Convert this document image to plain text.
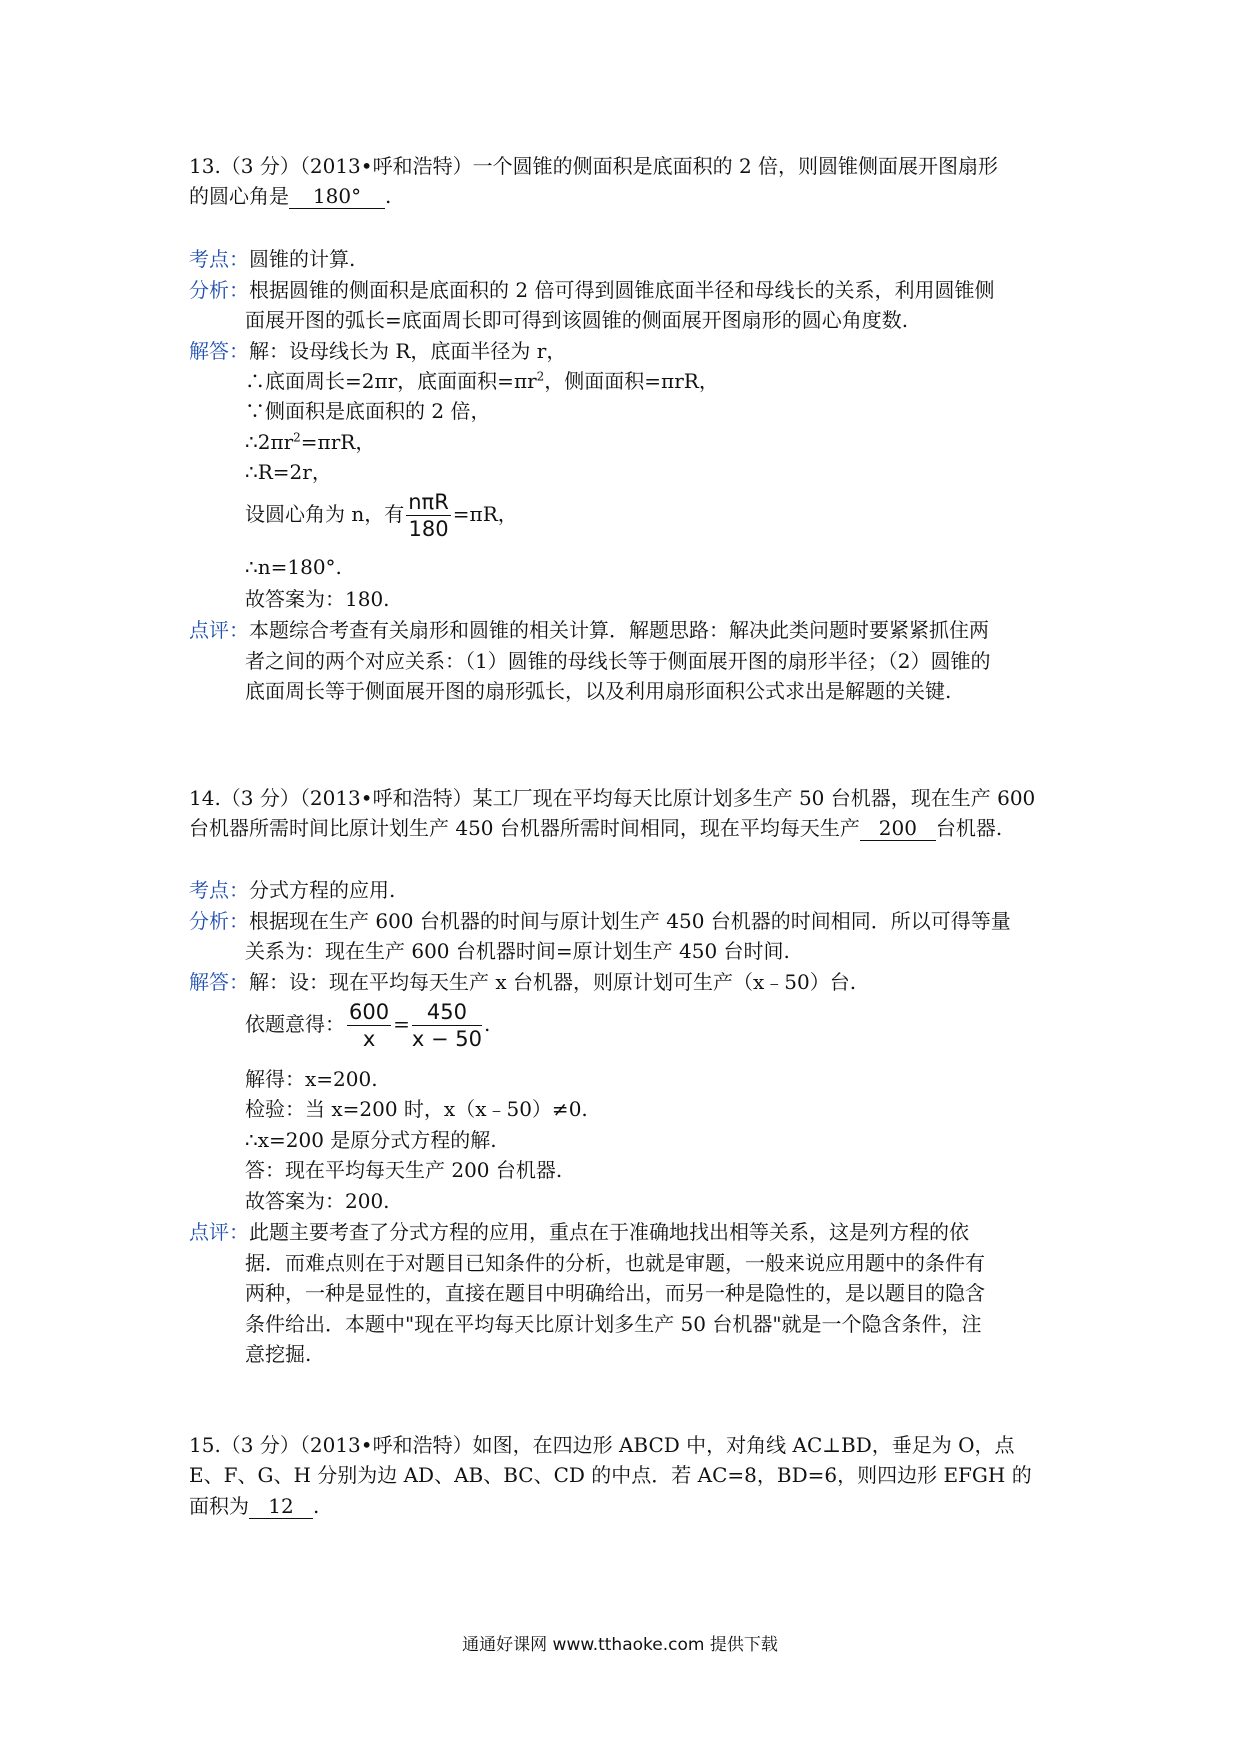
13.（3 分）（2013•呼和浩特）一个圆锥的侧面积是底面积的 2 倍，则圆锥侧面展开图扇形
的圆心角是 180° .
考点：圆锥的计算.
分析：根据圆锥的侧面积是底面积的 2 倍可得到圆锥底面半径和母线长的关系，利用圆锥侧
面展开图的弧长=底面周长即可得到该圆锥的侧面展开图扇形的圆心角度数.
解答：解：设母线长为 R，底面半径为 r，
∴底面周长=2πr，底面面积$=\pi r^2$，侧面面积=πrR，
∵侧面积是底面积的 2 倍，
$\therefore 2\pi r^2=\pi rR$，
∴R=2r，
设圆心角为 n，有 $\frac{\text{nπR}}{180} =\pi R$，
∴n=180°.
故答案为：180.
点评：本题综合考查有关扇形和圆锥的相关计算．解题思路：解决此类问题时要紧紧抓住两
者之间的两个对应关系：（1）圆锥的母线长等于侧面展开图的扇形半径；（2）圆锥的
底面周长等于侧面展开图的扇形弧长，以及利用扇形面积公式求出是解题的关键.
14.（3 分）（2013•呼和浩特）某工厂现在平均每天比原计划多生产 50 台机器，现在生产 600
台机器所需时间比原计划生产 450 台机器所需时间相同，现在平均每天生产 200 台机器.
考点：分式方程的应用.
分析：根据现在生产 600 台机器的时间与原计划生产 450 台机器的时间相同．所以可得等量
关系为：现在生产 600 台机器时间=原计划生产 450 台时间.
解答：解：设：现在平均每天生产 x 台机器，则原计划可生产（x﹣50）台.
依题意得： $\frac{600}{x} = \frac{450}{x - 50}$ .
解得：x=200.
检验：当 x=200 时，x（x﹣50）≠0.
∴x=200 是原分式方程的解.
答：现在平均每天生产 200 台机器.
故答案为：200.
点评：此题主要考查了分式方程的应用，重点在于准确地找出相等关系，这是列方程的依
据．而难点则在于对题目已知条件的分析，也就是审题，一般来说应用题中的条件有
两种，一种是显性的，直接在题目中明确给出，而另一种是隐性的，是以题目的隐含
条件给出．本题中"现在平均每天比原计划多生产 50 台机器"就是一个隐含条件，注
意挖掘.
15.（3 分）（2013•呼和浩特）如图，在四边形 ABCD 中，对角线 AC⊥BD，垂足为 O，点
E、F、G、H 分别为边 AD、AB、BC、CD 的中点．若 AC=8，BD=6，则四边形 EFGH 的
面积为 12 .
通通好课网 www.tthaoke.com 提供下载
